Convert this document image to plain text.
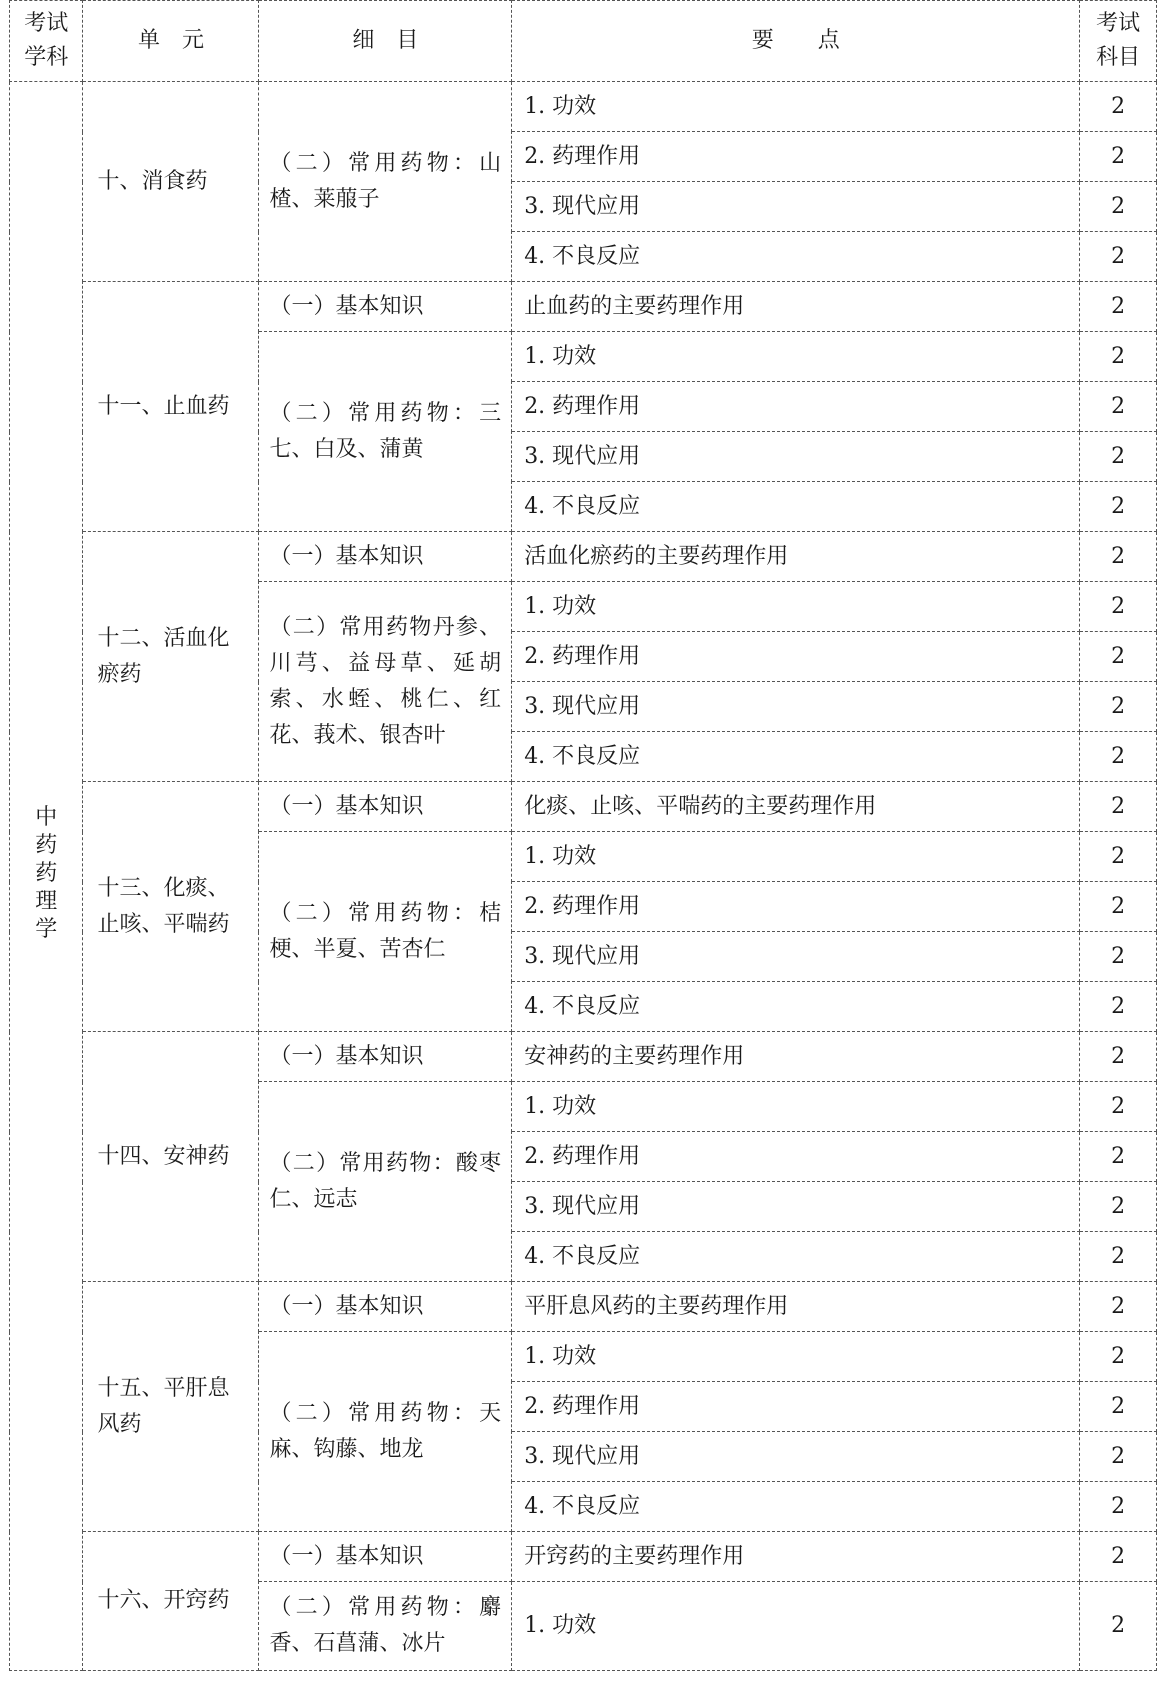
考试学科	单　元	细　目	要　　点	考试科目
中药药理学	十、消食药	（二）常用药物：山楂、莱菔子	1. 功效	2
			2. 药理作用	2
			3. 现代应用	2
			4. 不良反应	2
	十一、止血药	（一）基本知识	止血药的主要药理作用	2
		（二）常用药物：三七、白及、蒲黄	1. 功效	2
			2. 药理作用	2
			3. 现代应用	2
			4. 不良反应	2
	十二、活血化瘀药	（一）基本知识	活血化瘀药的主要药理作用	2
		（二）常用药物丹参、川芎、益母草、延胡索、水蛭、桃仁、红花、莪术、银杏叶	1. 功效	2
			2. 药理作用	2
			3. 现代应用	2
			4. 不良反应	2
	十三、化痰、止咳、平喘药	（一）基本知识	化痰、止咳、平喘药的主要药理作用	2
		（二）常用药物：桔梗、半夏、苦杏仁	1. 功效	2
			2. 药理作用	2
			3. 现代应用	2
			4. 不良反应	2
	十四、安神药	（一）基本知识	安神药的主要药理作用	2
		（二）常用药物：酸枣仁、远志	1. 功效	2
			2. 药理作用	2
			3. 现代应用	2
			4. 不良反应	2
	十五、平肝息风药	（一）基本知识	平肝息风药的主要药理作用	2
		（二）常用药物：天麻、钩藤、地龙	1. 功效	2
			2. 药理作用	2
			3. 现代应用	2
			4. 不良反应	2
	十六、开窍药	（一）基本知识	开窍药的主要药理作用	2
		（二）常用药物：麝香、石菖蒲、冰片	1. 功效	2
